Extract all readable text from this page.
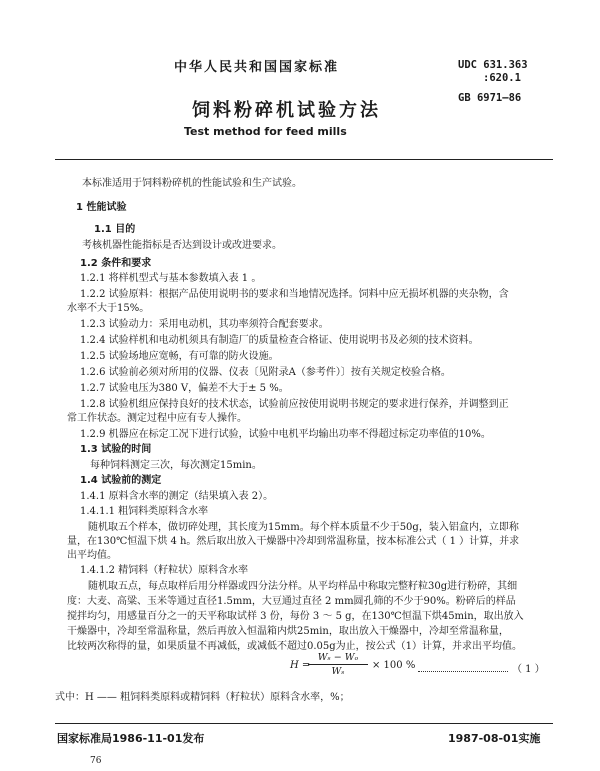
中华人民共和国国家标准	UDC 631.363
:620.1
GB 6971—86
饲料粉碎机试验方法
Test method for feed mills
本标准适用于饲料粉碎机的性能试验和生产试验。
1 性能试验
1.1 目的
考核机器性能指标是否达到设计或改进要求。
1.2 条件和要求
1.2.1 将样机型式与基本参数填入表 1 。
1.2.2 试验原料：根据产品使用说明书的要求和当地情况选择。饲料中应无损坏机器的夹杂物，含
水率不大于15%。
1.2.3 试验动力：采用电动机，其功率须符合配套要求。
1.2.4 试验样机和电动机须具有制造厂的质量检查合格证、使用说明书及必须的技术资料。
1.2.5 试验场地应宽畅，有可靠的防火设施。
1.2.6 试验前必须对所用的仪器、仪表〔见附录A（参考件）〕按有关规定校验合格。
1.2.7 试验电压为380 V，偏差不大于± 5 %。
1.2.8 试验机组应保持良好的技术状态，试验前应按使用说明书规定的要求进行保养，并调整到正
常工作状态。测定过程中应有专人操作。
1.2.9 机器应在标定工况下进行试验，试验中电机平均输出功率不得超过标定功率值的10%。
1.3 试验的时间
每种饲料测定三次，每次测定15min。
1.4 试验前的测定
1.4.1 原料含水率的测定（结果填入表 2）。
1.4.1.1 粗饲料类原料含水率
随机取五个样本，做切碎处理，其长度为15mm。每个样本质量不少于50g，装入铝盒内，立即称
量，在130℃恒温下烘 4 h。然后取出放入干燥器中冷却到常温称量，按本标准公式（ 1 ）计算，并求
出平均值。
1.4.1.2 精饲料（籽粒状）原料含水率
随机取五点，每点取样后用分样器或四分法分样。从平均样品中称取完整籽粒30g进行粉碎，其细
度：大麦、高粱、玉米等通过直径1.5mm，大豆通过直径 2 mm圆孔筛的不少于90%。粉碎后的样品
搅拌均匀，用感量百分之一的天平称取试样 3 份，每份 3 ～ 5 g，在130℃恒温下烘45min，取出放入
干燥器中，冷却至常温称量，然后再放入恒温箱内烘25min，取出放入干燥器中，冷却至常温称量，
比较两次称得的量，如果质量不再减低，或减低不超过0.05g为止，按公式（1）计算，并求出平均值。
H =
$\frac{\text{Wₛ − Wₒ}}{\text{Wₛ}} \times 100$ %	（ 1 ）
式中：H —— 粗饲料类原料或精饲料（籽粒状）原料含水率，%；
国家标准局1986-11-01发布	1987-08-01实施
76
